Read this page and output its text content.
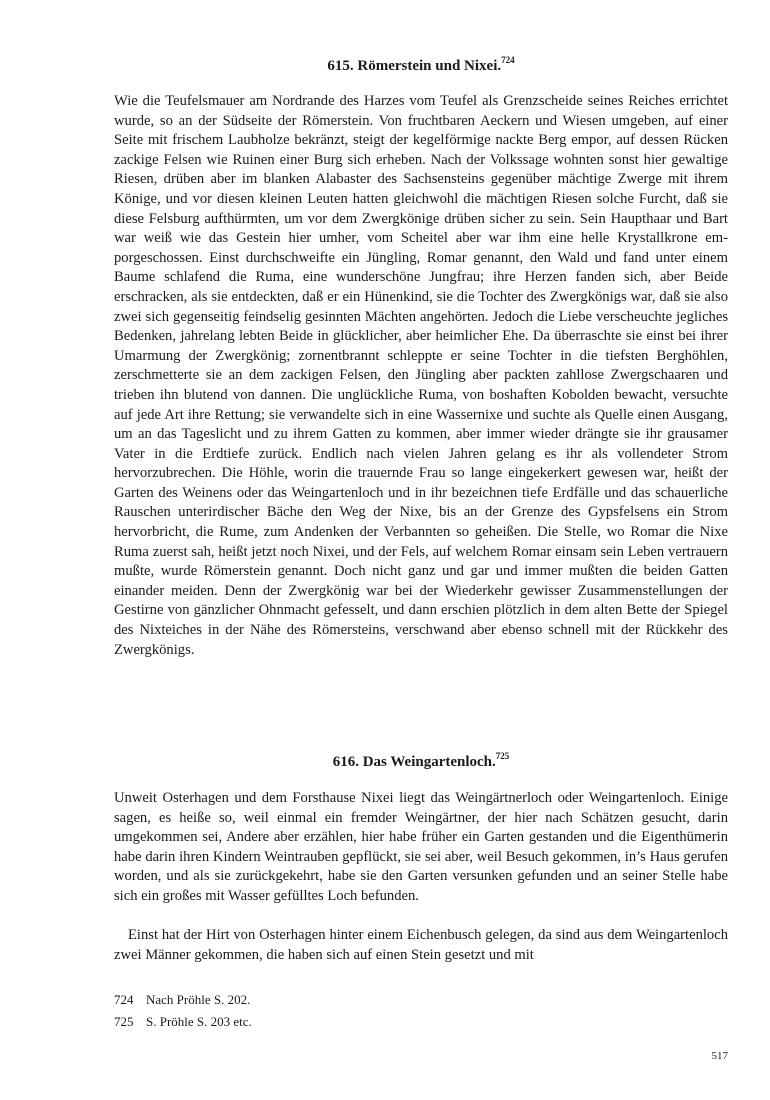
615. Römerstein und Nixei.$^{724}$

Wie die Teufelsmauer am Nordrande des Harzes vom Teufel als Grenzscheide seines Reiches errichtet wurde, so an der Südseite der Römerstein. Von fruchtbaren Aeckern und Wiesen umgeben, auf einer Seite mit frischem Laubholze bekränzt, steigt der kegelförmige nackte Berg empor, auf dessen Rücken zackige Felsen wie Ruinen einer Burg sich erheben. Nach der Volkssage wohnten sonst hier gewaltige Riesen, drüben aber im blanken Alabaster des Sachsensteins gegenüber mächtige Zwerge mit ihrem Könige, und vor diesen kleinen Leuten hatten gleichwohl die mächtigen Riesen solche Furcht, daß sie diese Felsburg aufthürmten, um vor dem Zwergkönige drüben sicher zu sein. Sein Haupthaar und Bart war weiß wie das Gestein hier umher, vom Scheitel aber war ihm eine helle Krystallkrone emporgeschossen. Einst durchschweifte ein Jüngling, Romar genannt, den Wald und fand unter einem Baume schlafend die Ruma, eine wunderschöne Jungfrau; ihre Herzen fanden sich, aber Beide erschracken, als sie entdeckten, daß er ein Hünenkind, sie die Tochter des Zwergkönigs war, daß sie also zwei sich gegenseitig feindselig gesinnten Mächten angehörten. Jedoch die Liebe verscheuchte jegliches Bedenken, jahrelang lebten Beide in glücklicher, aber heimlicher Ehe. Da überraschte sie einst bei ihrer Umarmung der Zwergkönig; zornentbrannt schleppte er seine Tochter in die tiefsten Berghöhlen, zerschmetterte sie an dem zackigen Felsen, den Jüngling aber packten zahllose Zwergschaaren und trieben ihn blutend von dannen. Die unglückliche Ruma, von boshaften Kobolden bewacht, versuchte auf jede Art ihre Rettung; sie verwandelte sich in eine Wassernixe und suchte als Quelle einen Ausgang, um an das Tageslicht und zu ihrem Gatten zu kommen, aber immer wieder drängte sie ihr grausamer Vater in die Erdtiefe zurück. Endlich nach vielen Jahren gelang es ihr als vollendeter Strom hervorzubrechen. Die Höhle, worin die trauernde Frau so lange eingekerkert gewesen war, heißt der Garten des Weinens oder das Weingartenloch und in ihr bezeichnen tiefe Erdfälle und das schauerliche Rauschen unterirdischer Bäche den Weg der Nixe, bis an der Grenze des Gypsfelsens ein Strom hervorbricht, die Rume, zum Andenken der Verbannten so geheißen. Die Stelle, wo Romar die Nixe Ruma zuerst sah, heißt jetzt noch Nixei, und der Fels, auf welchem Romar einsam sein Leben vertrauern mußte, wurde Römerstein genannt. Doch nicht ganz und gar und immer mußten die beiden Gatten einander meiden. Denn der Zwergkönig war bei der Wiederkehr gewisser Zusammenstellungen der Gestirne von gänzlicher Ohnmacht gefesselt, und dann erschien plötzlich in dem alten Bette der Spiegel des Nixteiches in der Nähe des Römersteins, verschwand aber ebenso schnell mit der Rückkehr des Zwergkönigs.

616. Das Weingartenloch.$^{725}$

Unweit Osterhagen und dem Forsthause Nixei liegt das Weingärtnerloch oder Weingartenloch. Einige sagen, es heiße so, weil einmal ein fremder Weingärtner, der hier nach Schätzen gesucht, darin umgekommen sei, Andere aber erzählen, hier habe früher ein Garten gestanden und die Eigenthümerin habe darin ihren Kindern Weintrauben gepflückt, sie sei aber, weil Besuch gekommen, in’s Haus gerufen worden, und als sie zurückgekehrt, habe sie den Garten versunken gefunden und an seiner Stelle habe sich ein großes mit Wasser gefülltes Loch befunden.

Einst hat der Hirt von Osterhagen hinter einem Eichenbusch gelegen, da sind aus dem Weingartenloch zwei Männer gekommen, die haben sich auf einen Stein gesetzt und mit

724 Nach Pröhle S. 202.
725 S. Pröhle S. 203 etc.
517
